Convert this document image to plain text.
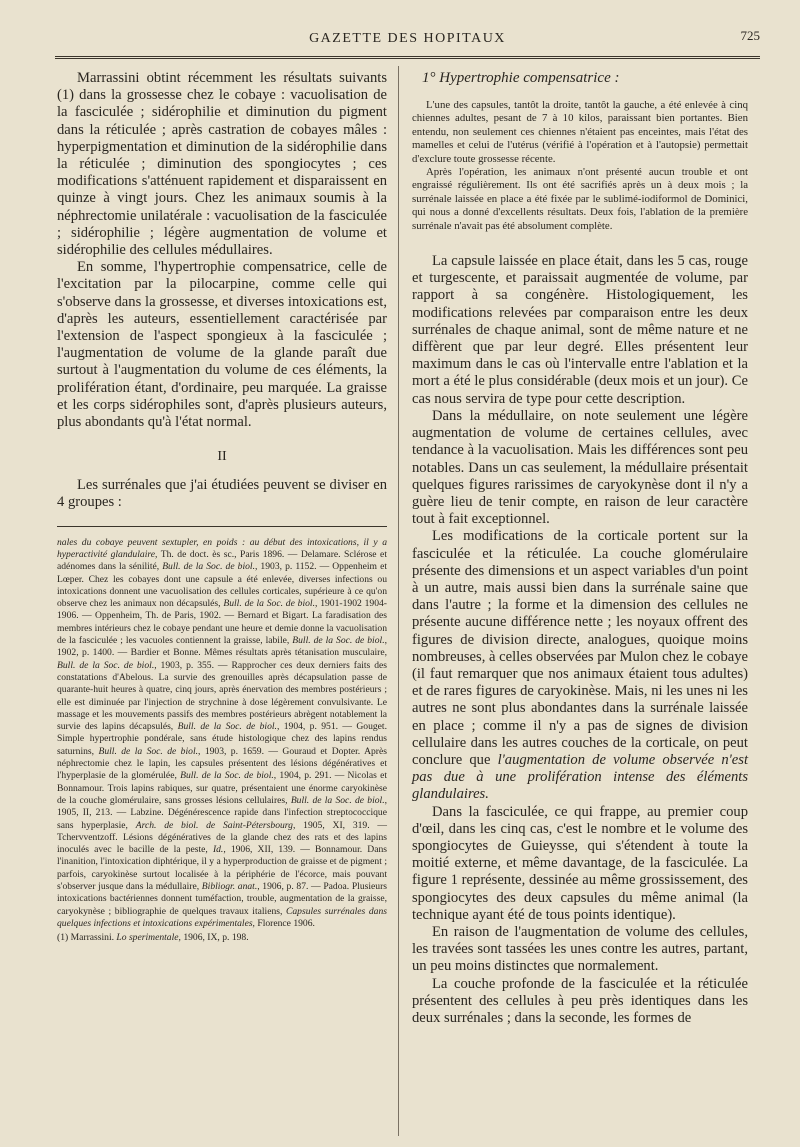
GAZETTE DES HOPITAUX	725

Marrassini obtint récemment les résultats suivants (1) dans la grossesse chez le cobaye : vacuolisation de la fasciculée ; sidérophilie et diminution du pigment dans la réticulée ; après castration de cobayes mâles : hyperpigmentation et diminution de la sidérophilie dans la réticulée ; diminution des spongiocytes ; ces modifications s'atténuent rapidement et disparaissent en quinze à vingt jours. Chez les animaux soumis à la néphrectomie unilatérale : vacuolisation de la fasciculée ; sidérophilie ; légère augmentation de volume et sidérophilie des cellules médullaires.

En somme, l'hypertrophie compensatrice, celle de l'excitation par la pilocarpine, comme celle qui s'observe dans la grossesse, et diverses intoxications est, d'après les auteurs, essentiellement caractérisée par l'extension de l'aspect spongieux à la fasciculée ; l'augmentation de volume de la glande paraît due surtout à l'augmentation du volume de ces éléments, la prolifération étant, d'ordinaire, peu marquée. La graisse et les corps sidérophiles sont, d'après plusieurs auteurs, plus abondants qu'à l'état normal.

II

Les surrénales que j'ai étudiées peuvent se diviser en 4 groupes :

nales du cobaye peuvent sextupler, en poids : au début des intoxications, il y a hyperactivité glandulaire, Th. de doct. ès sc., Paris 1896. — Delamare. Sclérose et adénomes dans la sénilité, Bull. de la Soc. de biol., 1903, p. 1152. — Oppenheim et Lœper. Chez les cobayes dont une capsule a été enlevée, diverses infections ou intoxications donnent une vacuolisation des cellules corticales, supérieure à ce qu'on observe chez les animaux non décapsulés, Bull. de la Soc. de biol., 1901-1902 1904-1906. — Oppenheim, Th. de Paris, 1902. — Bernard et Bigart. La faradisation des membres intérieurs chez le cobaye pendant une heure et demie donne la vacuolisation de la fasciculée ; les vacuoles contiennent la graisse, labile, Bull. de la Soc. de biol., 1902, p. 1400. — Bardier et Bonne. Mêmes résultats après tétanisation musculaire, Bull. de la Soc. de biol., 1903, p. 355. — Rapprocher ces deux derniers faits des constatations d'Abelous. La survie des grenouilles après décapsulation passe de quarante-huit heures à quatre, cinq jours, après énervation des membres postérieurs ; elle est diminuée par l'injection de strychnine à dose légèrement convulsivante. Le massage et les mouvements passifs des membres postérieurs abrègent notablement la survie des lapins décapsulés, Bull. de la Soc. de biol., 1904, p. 951. — Gouget. Simple hypertrophie pondérale, sans étude histologique chez des lapins rendus saturnins, Bull. de la Soc. de biol., 1903, p. 1659. — Gouraud et Dopter. Après néphrectomie chez le lapin, les capsules présentent des lésions dégénératives et l'hyperplasie de la glomérulée, Bull. de la Soc. de biol., 1904, p. 291. — Nicolas et Bonnamour. Trois lapins rabiques, sur quatre, présentaient une énorme caryokinèse de la couche glomérulaire, sans grosses lésions cellulaires, Bull. de la Soc. de biol., 1905, II, 213. — Labzine. Dégénérescence rapide dans l'infection streptococcique sans hyperplasie, Arch. de biol. de Saint-Pétersbourg, 1905, XI, 319. — Tchervventzoff. Lésions dégénératives de la glande chez des rats et des lapins inoculés avec le bacille de la peste, Id., 1906, XII, 139. — Bonnamour. Dans l'inanition, l'intoxication diphtérique, il y a hyperproduction de graisse et de pigment ; parfois, caryokinèse surtout localisée à la périphérie de l'écorce, mais pouvant s'observer jusque dans la médullaire, Bibliogr. anat., 1906, p. 87. — Padoa. Plusieurs intoxications bactériennes donnent tuméfaction, trouble, augmentation de la graisse, caryokynèse ; bibliographie de quelques travaux italiens, Capsules surrénales dans quelques infections et intoxications expérimentales, Florence 1906.

(1) Marrassini. Lo sperimentale, 1906, IX, p. 198.

1° Hypertrophie compensatrice :

L'une des capsules, tantôt la droite, tantôt la gauche, a été enlevée à cinq chiennes adultes, pesant de 7 à 10 kilos, paraissant bien portantes. Bien entendu, non seulement ces chiennes n'étaient pas enceintes, mais l'état des mamelles et celui de l'utérus (vérifié à l'opération et à l'autopsie) permettait d'exclure toute grossesse récente.

Après l'opération, les animaux n'ont présenté aucun trouble et ont engraissé régulièrement. Ils ont été sacrifiés après un à deux mois ; la surrénale laissée en place a été fixée par le sublimé-iodiformol de Dominici, qui nous a donné d'excellents résultats. Deux fois, l'ablation de la première surrénale n'avait pas été absolument complète.

La capsule laissée en place était, dans les 5 cas, rouge et turgescente, et paraissait augmentée de volume, par rapport à sa congénère. Histologiquement, les modifications relevées par comparaison entre les deux surrénales de chaque animal, sont de même nature et ne diffèrent que par leur degré. Elles présentent leur maximum dans le cas où l'intervalle entre l'ablation et la mort a été le plus considérable (deux mois et un jour). Ce cas nous servira de type pour cette description.

Dans la médullaire, on note seulement une légère augmentation de volume de certaines cellules, avec tendance à la vacuolisation. Mais les différences sont peu notables. Dans un cas seulement, la médullaire présentait quelques figures rarissimes de caryokynèse dont il n'y a guère lieu de tenir compte, en raison de leur caractère tout à fait exceptionnel.

Les modifications de la corticale portent sur la fasciculée et la réticulée. La couche glomérulaire présente des dimensions et un aspect variables d'un point à un autre, mais aussi bien dans la surrénale saine que dans l'autre ; la forme et la dimension des cellules ne présente aucune différence nette ; les noyaux offrent des figures de division directe, analogues, quoique moins nombreuses, à celles observées par Mulon chez le cobaye (il faut remarquer que nos animaux étaient tous adultes) et de rares figures de caryokinèse. Mais, ni les unes ni les autres ne sont plus abondantes dans la surrénale laissée en place ; comme il n'y a pas de signes de division cellulaire dans les autres couches de la corticale, on peut conclure que l'augmentation de volume observée n'est pas due à une prolifération intense des éléments glandulaires.

Dans la fasciculée, ce qui frappe, au premier coup d'œil, dans les cinq cas, c'est le nombre et le volume des spongiocytes de Guieysse, qui s'étendent à toute la moitié externe, et même davantage, de la fasciculée. La figure 1 représente, dessinée au même grossissement, des spongiocytes des deux capsules du même animal (la technique ayant été de tous points identique).

En raison de l'augmentation de volume des cellules, les travées sont tassées les unes contre les autres, partant, un peu moins distinctes que normalement.

La couche profonde de la fasciculée et la réticulée présentent des cellules à peu près identiques dans les deux surrénales ; dans la seconde, les formes de
